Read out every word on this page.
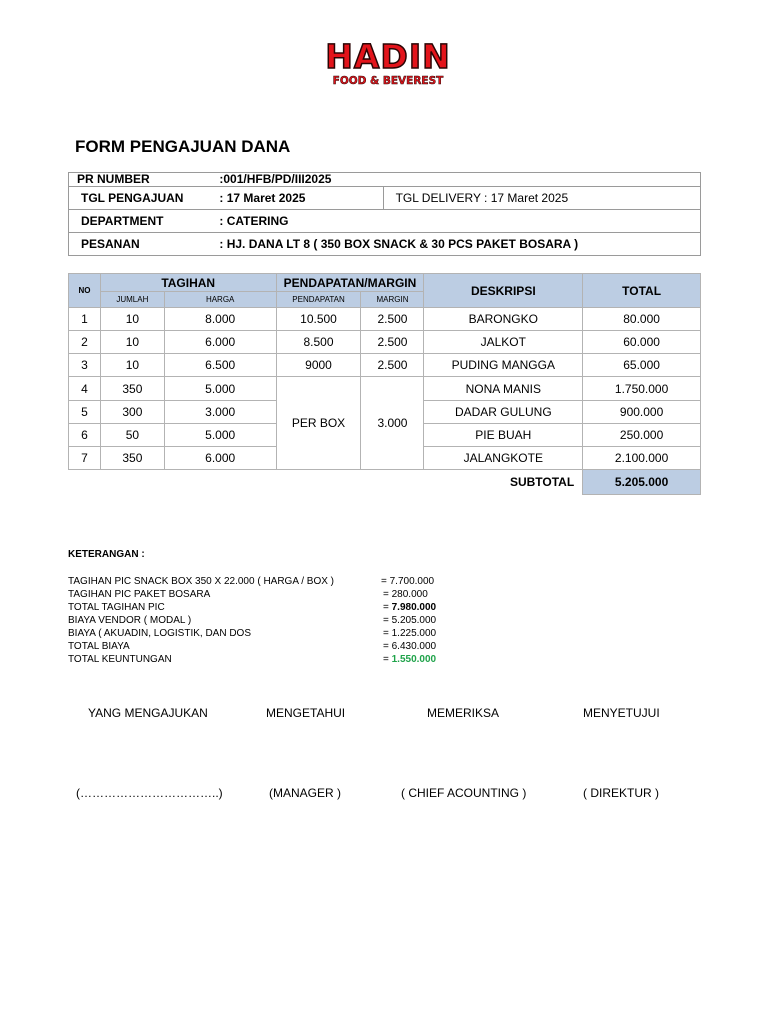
HADIN
FOOD & BEVEREST
FORM PENGAJUAN DANA
PR NUMBER	:001/HFB/PD/III2025	
TGL PENGAJUAN	: 17 Maret 2025	TGL DELIVERY : 17 Maret 2025
DEPARTMENT	: CATERING	
PESANAN	: HJ. DANA LT 8 ( 350 BOX SNACK & 30 PCS PAKET BOSARA )	
NO	TAGIHAN		PENDAPATAN/MARGIN		DESKRIPSI	TOTAL
	JUMLAH	HARGA	PENDAPATAN	MARGIN		
1	10	8.000	10.500	2.500	BARONGKO	80.000
2	10	6.000	8.500	2.500	JALKOT	60.000
3	10	6.500	9000	2.500	PUDING MANGGA	65.000
4	350	5.000	PER BOX	3.000	NONA MANIS	1.750.000
5	300	3.000			DADAR GULUNG	900.000
6	50	5.000			PIE BUAH	250.000
7	350	6.000			JALANGKOTE	2.100.000
					SUBTOTAL	5.205.000
KETERANGAN :
TAGIHAN PIC SNACK BOX 350 X 22.000 ( HARGA / BOX )	= 7.700.000
TAGIHAN PIC PAKET BOSARA	= 280.000
TOTAL TAGIHAN PIC	= 7.980.000
BIAYA VENDOR ( MODAL )	= 5.205.000
BIAYA ( AKUADIN, LOGISTIK, DAN DOS	= 1.225.000
TOTAL BIAYA	= 6.430.000
TOTAL KEUNTUNGAN	= 1.550.000
YANG MENGAJUKAN	MENGETAHUI	MEMERIKSA	MENYETUJUI
(……………………………..)	(MANAGER )	( CHIEF ACOUNTING )	( DIREKTUR )
